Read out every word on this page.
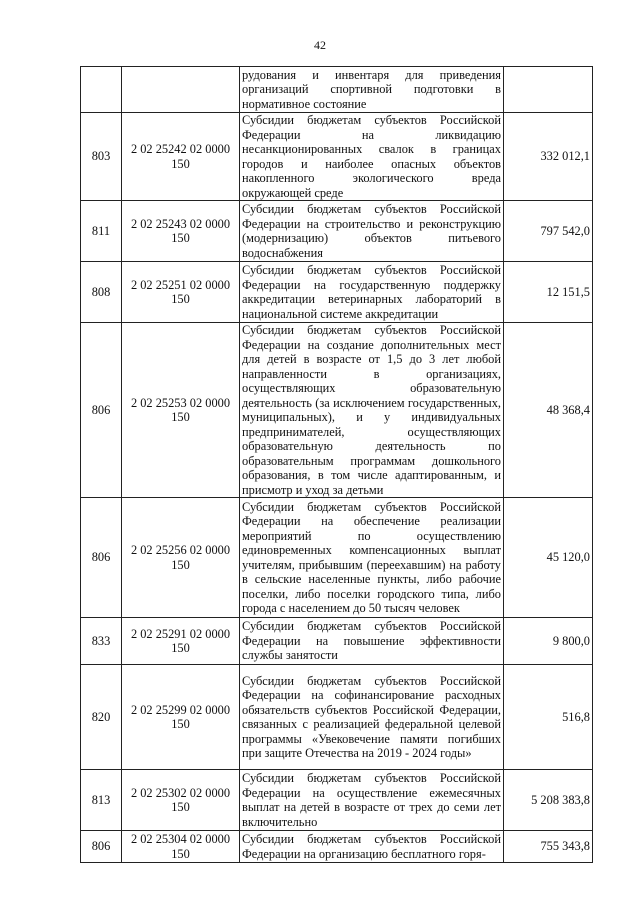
42
		рудования и инвентаря для приведения организаций спортивной подготовки в нормативное состояние	
803	2 02 25242 02 0000 150	Субсидии бюджетам субъектов Российской Федерации на ликвидацию несанкционированных свалок в границах городов и наиболее опасных объектов накопленного экологического вреда окружающей среде	332 012,1
811	2 02 25243 02 0000 150	Субсидии бюджетам субъектов Российской Федерации на строительство и реконструкцию (модернизацию) объектов питьевого водоснабжения	797 542,0
808	2 02 25251 02 0000 150	Субсидии бюджетам субъектов Российской Федерации на государственную поддержку аккредитации ветеринарных лабораторий в национальной системе аккредитации	12 151,5
806	2 02 25253 02 0000 150	Субсидии бюджетам субъектов Российской Федерации на создание дополнительных мест для детей в возрасте от 1,5 до 3 лет любой направленности в организациях, осуществляющих образовательную деятельность (за исключением государственных, муниципальных), и у индивидуальных предпринимателей, осуществляющих образовательную деятельность по образовательным программам дошкольного образования, в том числе адаптированным, и присмотр и уход за детьми	48 368,4
806	2 02 25256 02 0000 150	Субсидии бюджетам субъектов Российской Федерации на обеспечение реализации мероприятий по осуществлению единовременных компенсационных выплат учителям, прибывшим (переехавшим) на работу в сельские населенные пункты, либо рабочие поселки, либо поселки городского типа, либо города с населением до 50 тысяч человек	45 120,0
833	2 02 25291 02 0000 150	Субсидии бюджетам субъектов Российской Федерации на повышение эффективности службы занятости	9 800,0
820	2 02 25299 02 0000 150	Субсидии бюджетам субъектов Российской Федерации на софинансирование расходных обязательств субъектов Российской Федерации, связанных с реализацией федеральной целевой программы «Увековечение памяти погибших при защите Отечества на 2019 - 2024 годы»	516,8
813	2 02 25302 02 0000 150	Субсидии бюджетам субъектов Российской Федерации на осуществление ежемесячных выплат на детей в возрасте от трех до семи лет включительно	5 208 383,8
806	2 02 25304 02 0000 150	Субсидии бюджетам субъектов Российской Федерации на организацию бесплатного горя-	755 343,8
